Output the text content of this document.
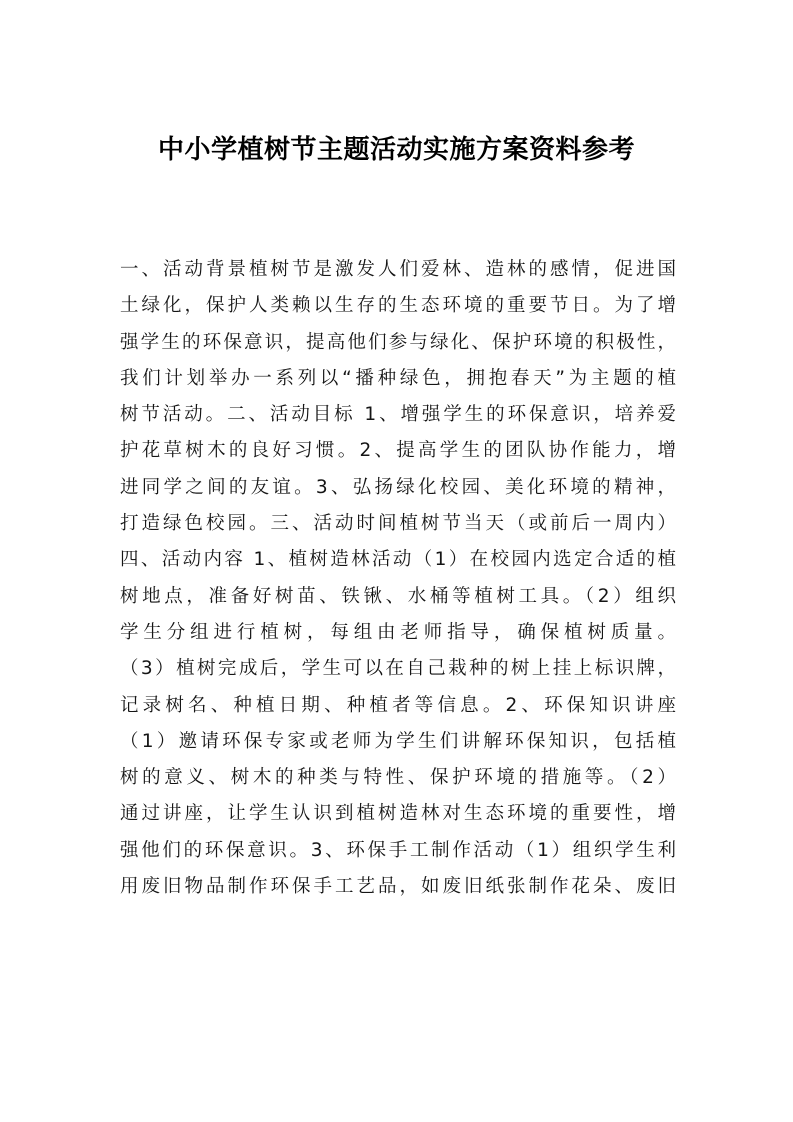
中小学植树节主题活动实施方案资料参考
一、活动背景植树节是激发人们爱林、造林的感情，促进国
土绿化，保护人类赖以生存的生态环境的重要节日。为了增
强学生的环保意识，提高他们参与绿化、保护环境的积极性，
我们计划举办一系列以“播种绿色，拥抱春天”为主题的植
树节活动。二、活动目标 1、增强学生的环保意识，培养爱
护花草树木的良好习惯。2、提高学生的团队协作能力，增
进同学之间的友谊。3、弘扬绿化校园、美化环境的精神，
打造绿色校园。三、活动时间植树节当天（或前后一周内）
四、活动内容 1、植树造林活动（1）在校园内选定合适的植
树地点，准备好树苗、铁锹、水桶等植树工具。（2）组织
学生分组进行植树，每组由老师指导，确保植树质量。
（3）植树完成后，学生可以在自己栽种的树上挂上标识牌，
记录树名、种植日期、种植者等信息。2、环保知识讲座
（1）邀请环保专家或老师为学生们讲解环保知识，包括植
树的意义、树木的种类与特性、保护环境的措施等。（2）
通过讲座，让学生认识到植树造林对生态环境的重要性，增
强他们的环保意识。3、环保手工制作活动（1）组织学生利
用废旧物品制作环保手工艺品，如废旧纸张制作花朵、废旧
